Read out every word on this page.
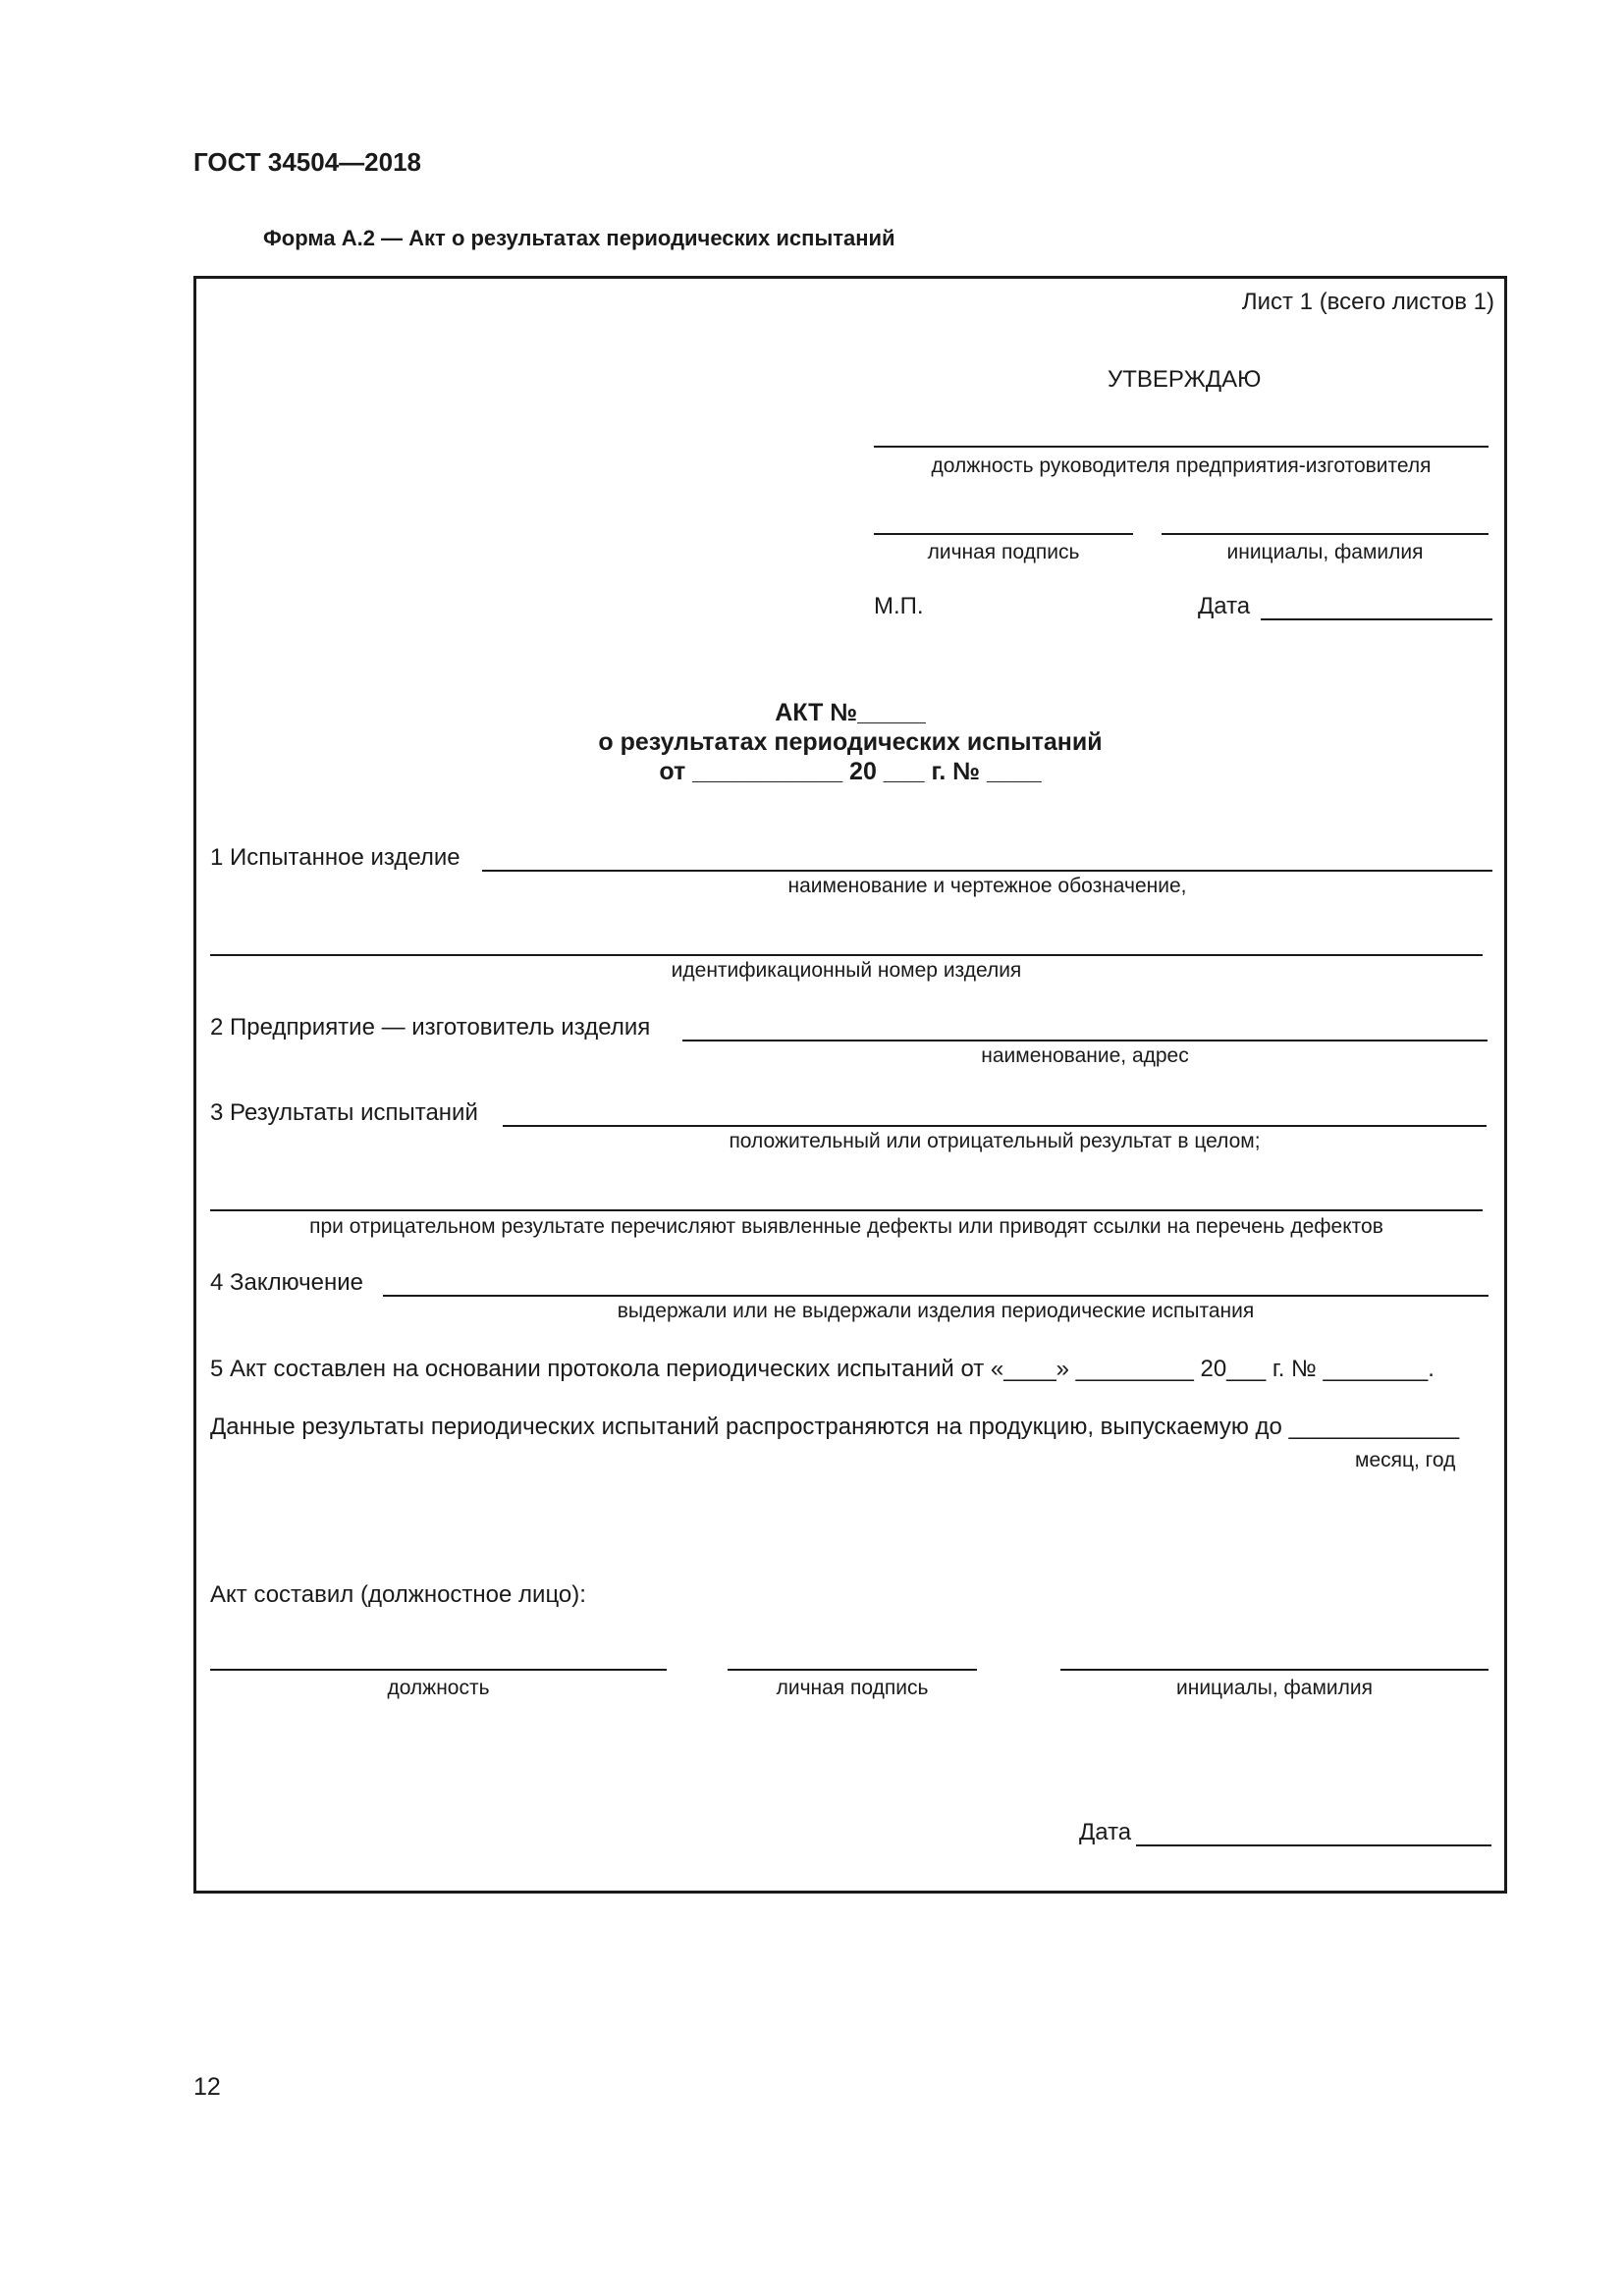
ГОСТ 34504—2018
Форма А.2 — Акт о результатах периодических испытаний
Лист 1 (всего листов 1)
УТВЕРЖДАЮ
должность руководителя предприятия-изготовителя
личная подпись	инициалы, фамилия
М.П.	Дата
АКТ №_____
о результатах периодических испытаний
от ___________ 20 ___ г. № ____
1 Испытанное изделие
наименование и чертежное обозначение,
идентификационный номер изделия
2 Предприятие — изготовитель изделия
наименование, адрес
3 Результаты испытаний
положительный или отрицательный результат в целом;
при отрицательном результате перечисляют выявленные дефекты или приводят ссылки на перечень дефектов
4 Заключение
выдержали или не выдержали изделия периодические испытания
5 Акт составлен на основании протокола периодических испытаний от «____» _________ 20___ г. № ________.
Данные результаты периодических испытаний распространяются на продукцию, выпускаемую до _____________
месяц, год
Акт составил (должностное лицо):
должность	личная подпись	инициалы, фамилия
Дата
12
